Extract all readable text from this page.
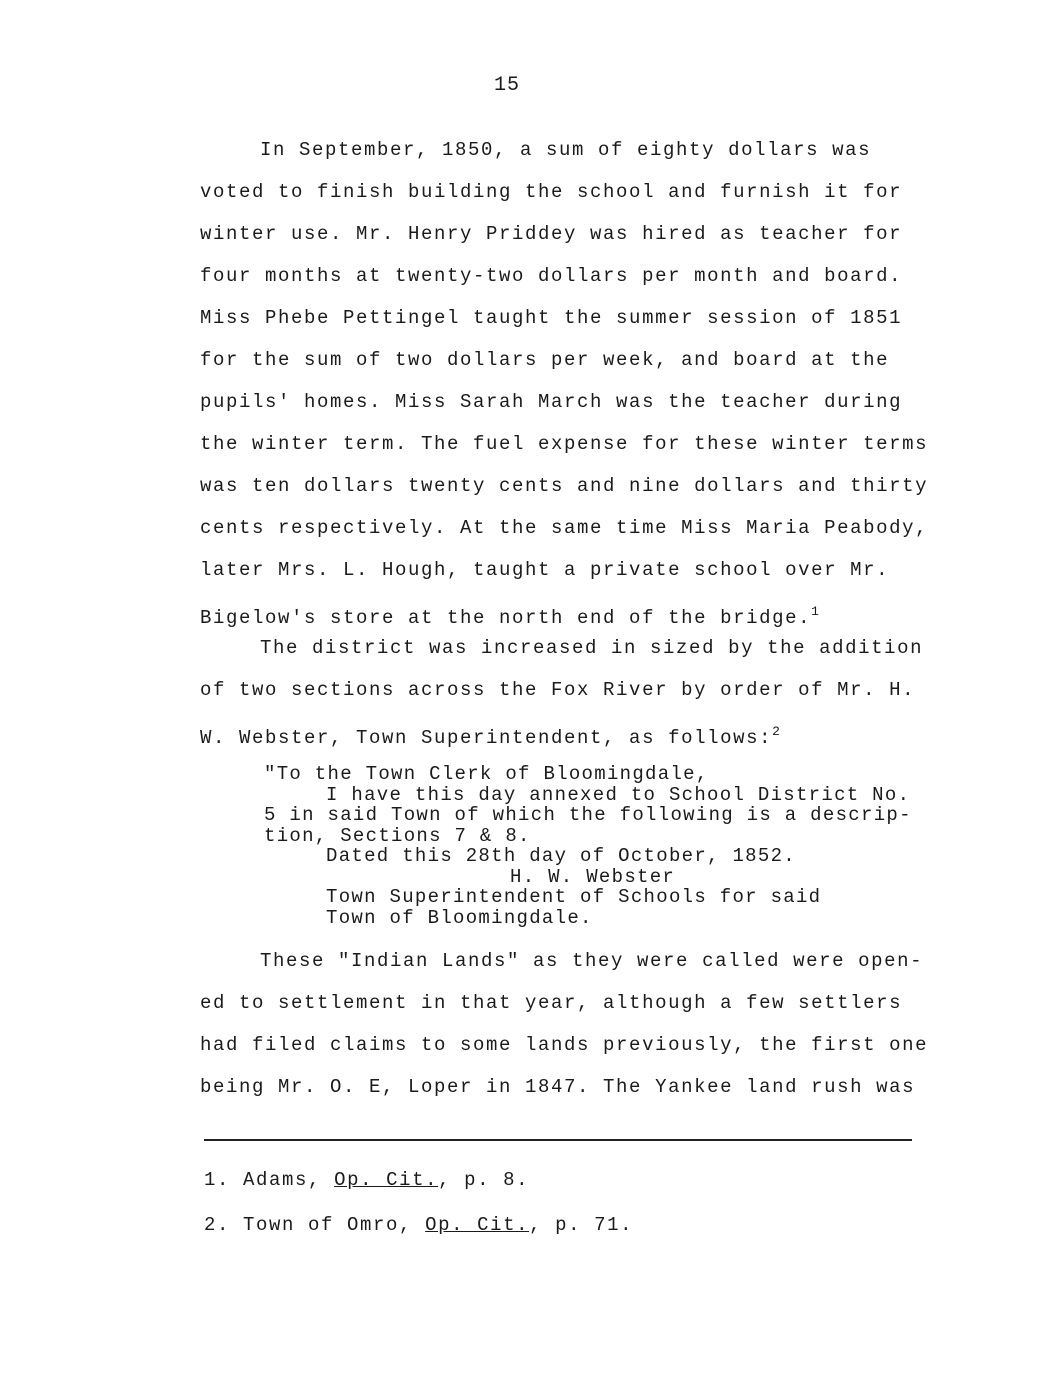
15
In September, 1850, a sum of eighty dollars was
voted to finish building the school and furnish it for
winter use. Mr. Henry Priddey was hired as teacher for
four months at twenty-two dollars per month and board.
Miss Phebe Pettingel taught the summer session of 1851
for the sum of two dollars per week, and board at the
pupils' homes. Miss Sarah March was the teacher during
the winter term. The fuel expense for these winter terms
was ten dollars twenty cents and nine dollars and thirty
cents respectively. At the same time Miss Maria Peabody,
later Mrs. L. Hough, taught a private school over Mr.
Bigelow's store at the north end of the bridge.$^1$
The district was increased in sized by the addition
of two sections across the Fox River by order of Mr. H.
W. Webster, Town Superintendent, as follows:$^2$
"To the Town Clerk of Bloomingdale,
I have this day annexed to School District No.
5 in said Town of which the following is a descrip-
tion, Sections 7 & 8.
Dated this 28th day of October, 1852.
H. W. Webster
Town Superintendent of Schools for said
Town of Bloomingdale.
These "Indian Lands" as they were called were open-
ed to settlement in that year, although a few settlers
had filed claims to some lands previously, the first one
being Mr. O. E, Loper in 1847. The Yankee land rush was
1. Adams, Op. Cit., p. 8.
2. Town of Omro, Op. Cit., p. 71.
